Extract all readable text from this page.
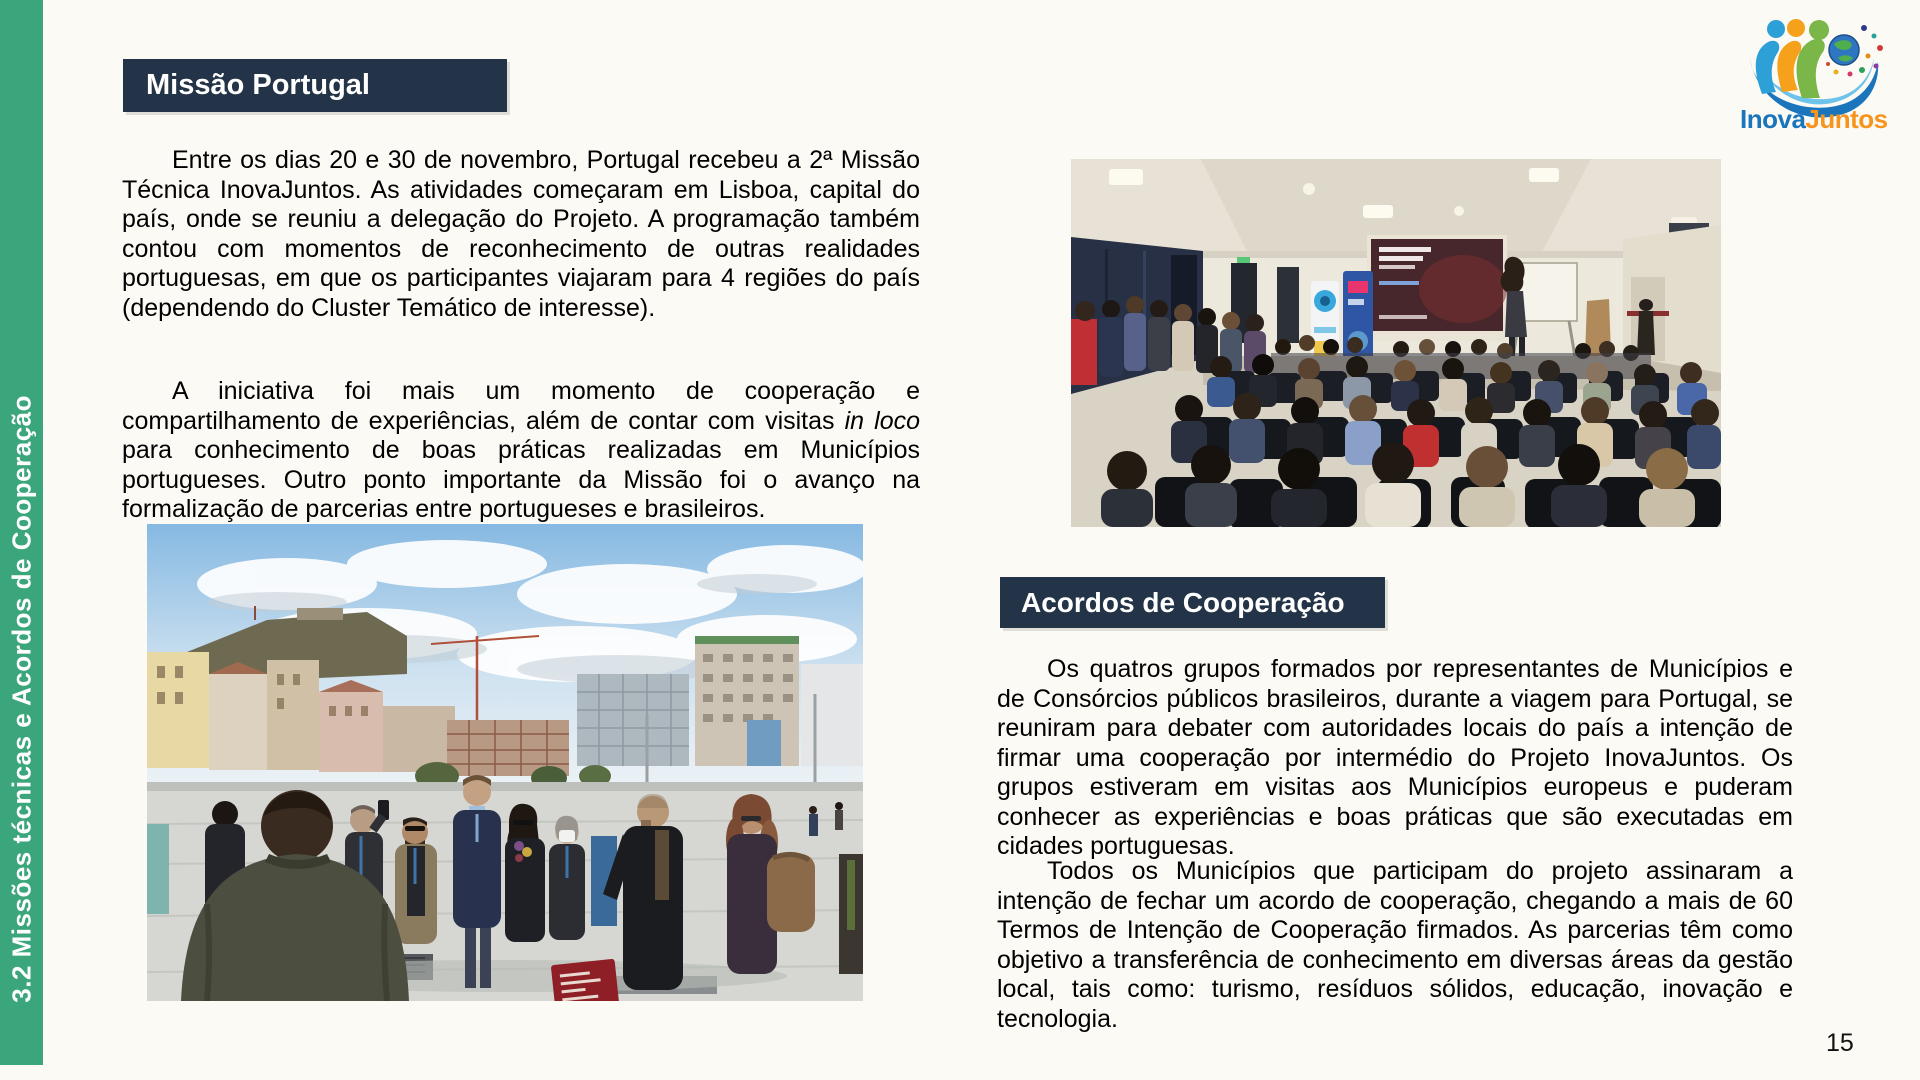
3.2 Missões técnicas e Acordos de Cooperação
InovaJuntos
Missão Portugal

Entre os dias 20 e 30 de novembro, Portugal recebeu a 2ª Missão Técnica InovaJuntos. As atividades começaram em Lisboa, capital do país, onde se reuniu a delegação do Projeto. A programação também contou com momentos de reconhecimento de outras realidades portuguesas, em que os participantes viajaram para 4 regiões do país (dependendo do Cluster Temático de interesse).

A iniciativa foi mais um momento de cooperação e compartilhamento de experiências, além de contar com visitas in loco para conhecimento de boas práticas realizadas em Municípios portugueses. Outro ponto importante da Missão foi o avanço na formalização de parcerias entre portugueses e brasileiros.

Acordos de Cooperação

Os quatros grupos formados por representantes de Municípios e de Consórcios públicos brasileiros, durante a viagem para Portugal, se reuniram para debater com autoridades locais do país a intenção de firmar uma cooperação por intermédio do Projeto InovaJuntos. Os grupos estiveram em visitas aos Municípios europeus e puderam conhecer as experiências e boas práticas que são executadas em cidades portuguesas.

Todos os Municípios que participam do projeto assinaram a intenção de fechar um acordo de cooperação, chegando a mais de 60 Termos de Intenção de Cooperação firmados. As parcerias têm como objetivo a transferência de conhecimento em diversas áreas da gestão local, tais como: turismo, resíduos sólidos, educação, inovação e tecnologia.

15
